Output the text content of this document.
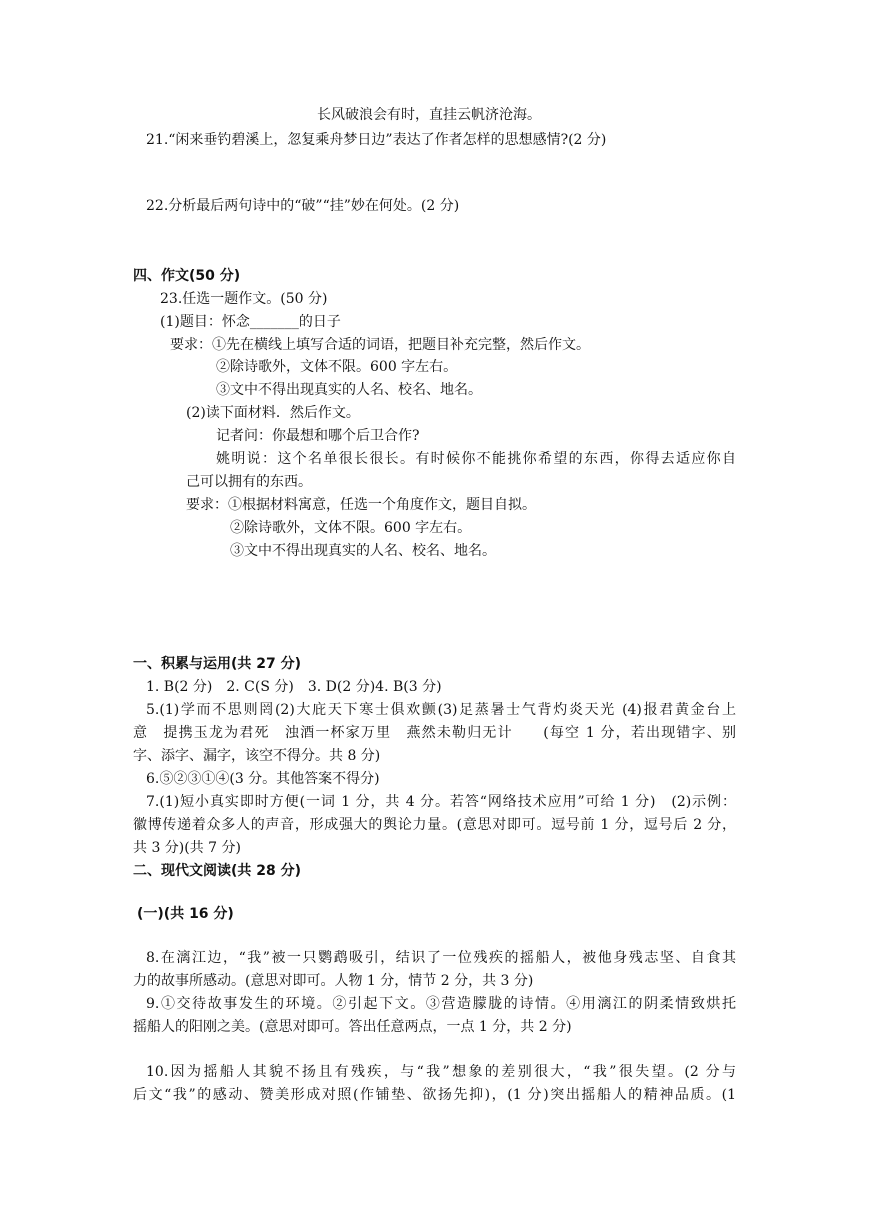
长风破浪会有时，直挂云帆济沧海。
21.“闲来垂钓碧溪上，忽复乘舟梦日边”表达了作者怎样的思想感情?(2 分)
22.分析最后两句诗中的“破”“挂”妙在何处。(2 分)
四、作文(50 分)
23.任选一题作文。(50 分)
(1)题目：怀念_______的日子
要求：①先在横线上填写合适的词语，把题目补充完整，然后作文。
②除诗歌外，文体不限。600 字左右。
③文中不得出现真实的人名、校名、地名。
(2)读下面材料．然后作文。
记者问：你最想和哪个后卫合作?
姚明说：这个名单很长很长。有时候你不能挑你希望的东西，你得去适应你自
己可以拥有的东西。
要求：①根据材料寓意，任选一个角度作文，题目自拟。
②除诗歌外，文体不限。600 字左右。
③文中不得出现真实的人名、校名、地名。
一、积累与运用(共 27 分)
1. B(2 分)　2. C(S 分)　3. D(2 分)4. B(3 分)
5.(1)学而不思则罔(2)大庇天下寒士俱欢颤(3)足蒸暑士气背灼炎天光 (4)报君黄金台上
意　提携玉龙为君死　浊酒一杯家万里　燕然未勒归无计　　(每空 1 分，若出现错字、别
字、添字、漏字，该空不得分。共 8 分)
6.⑤②③①④(3 分。其他答案不得分)
7.(1)短小真实即时方便(一词 1 分，共 4 分。若答“网络技术应用”可给 1 分)　(2)示例：
徽博传递着众多人的声音，形成强大的舆论力量。(意思对即可。逗号前 1 分，逗号后 2 分，
共 3 分)(共 7 分)
二、现代文阅读(共 28 分)
(一)(共 16 分)
8.在漓江边，“我”被一只鹦鹉吸引，结识了一位残疾的摇船人，被他身残志坚、自食其
力的故事所感动。(意思对即可。人物 1 分，情节 2 分，共 3 分)
9.①交待故事发生的环境。②引起下文。③营造朦胧的诗情。④用漓江的阴柔情致烘托
摇船人的阳刚之美。(意思对即可。答出任意两点，一点 1 分，共 2 分)
10.因为摇船人其貌不扬且有残疾，与“我”想象的差别很大，“我”很失望。(2 分与
后文“我”的感动、赞美形成对照(作铺垫、欲扬先抑)，(1 分)突出摇船人的精神品质。(1
